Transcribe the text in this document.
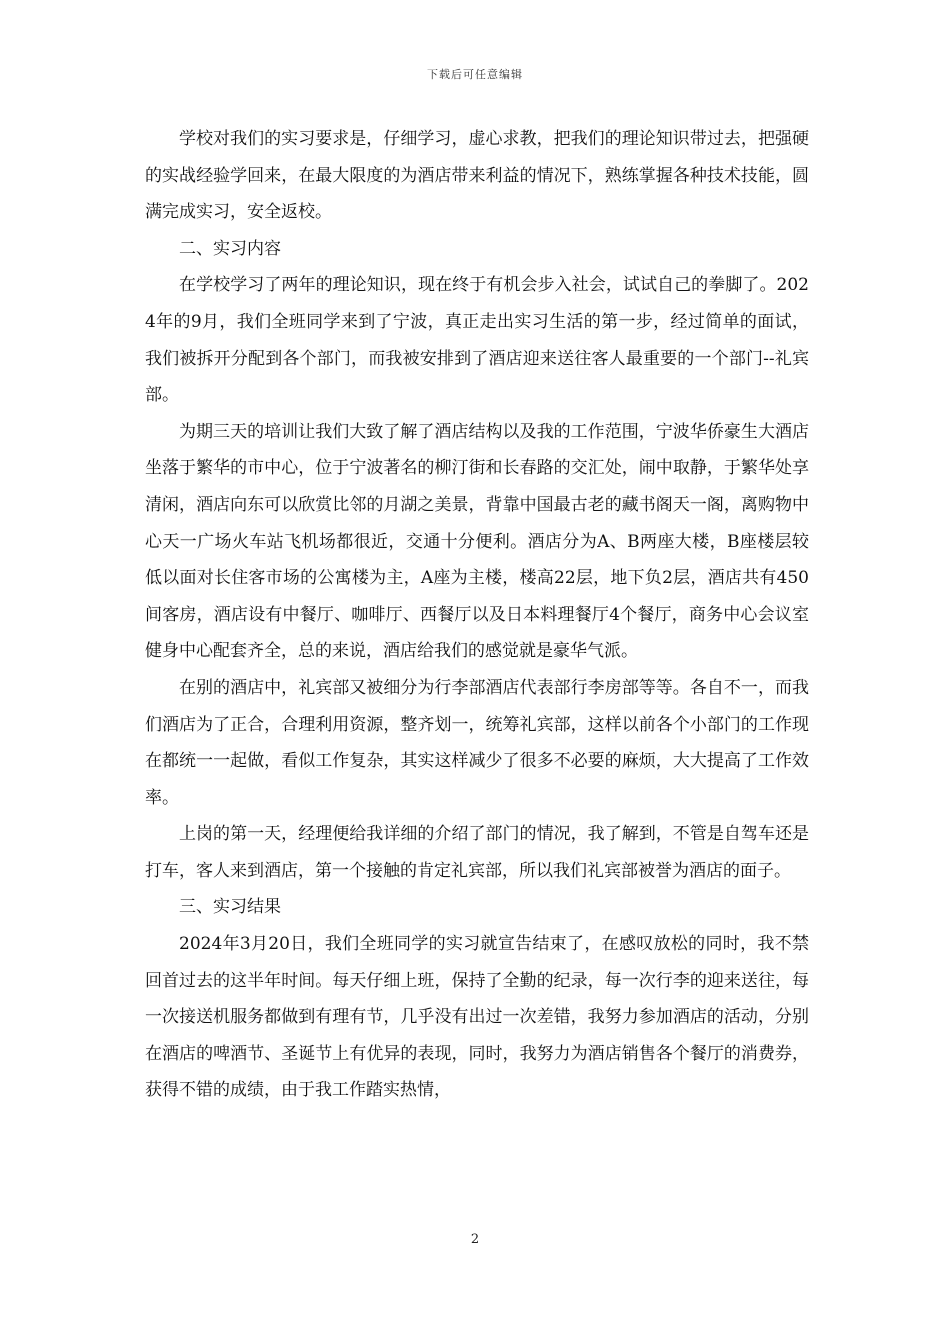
下载后可任意编辑

学校对我们的实习要求是，仔细学习，虚心求教，把我们的理论知识带过去，把强硬的实战经验学回来，在最大限度的为酒店带来利益的情况下，熟练掌握各种技术技能，圆满完成实习，安全返校。

二、实习内容

在学校学习了两年的理论知识，现在终于有机会步入社会，试试自己的拳脚了。2024年的9月，我们全班同学来到了宁波，真正走出实习生活的第一步，经过简单的面试，我们被拆开分配到各个部门，而我被安排到了酒店迎来送往客人最重要的一个部门--礼宾部。

为期三天的培训让我们大致了解了酒店结构以及我的工作范围，宁波华侨豪生大酒店坐落于繁华的市中心，位于宁波著名的柳汀街和长春路的交汇处，闹中取静，于繁华处享清闲，酒店向东可以欣赏比邻的月湖之美景，背靠中国最古老的藏书阁天一阁，离购物中心天一广场火车站飞机场都很近，交通十分便利。酒店分为A、B两座大楼，B座楼层较低以面对长住客市场的公寓楼为主，A座为主楼，楼高22层，地下负2层，酒店共有450间客房，酒店设有中餐厅、咖啡厅、西餐厅以及日本料理餐厅4个餐厅，商务中心会议室健身中心配套齐全，总的来说，酒店给我们的感觉就是豪华气派。

在别的酒店中，礼宾部又被细分为行李部酒店代表部行李房部等等。各自不一，而我们酒店为了正合，合理利用资源，整齐划一，统筹礼宾部，这样以前各个小部门的工作现在都统一一起做，看似工作复杂，其实这样减少了很多不必要的麻烦，大大提高了工作效率。

上岗的第一天，经理便给我详细的介绍了部门的情况，我了解到，不管是自驾车还是打车，客人来到酒店，第一个接触的肯定礼宾部，所以我们礼宾部被誉为酒店的面子。

三、实习结果

2024年3月20日，我们全班同学的实习就宣告结束了，在感叹放松的同时，我不禁回首过去的这半年时间。每天仔细上班，保持了全勤的纪录，每一次行李的迎来送往，每一次接送机服务都做到有理有节，几乎没有出过一次差错，我努力参加酒店的活动，分别在酒店的啤酒节、圣诞节上有优异的表现，同时，我努力为酒店销售各个餐厅的消费券，获得不错的成绩，由于我工作踏实热情，

2
